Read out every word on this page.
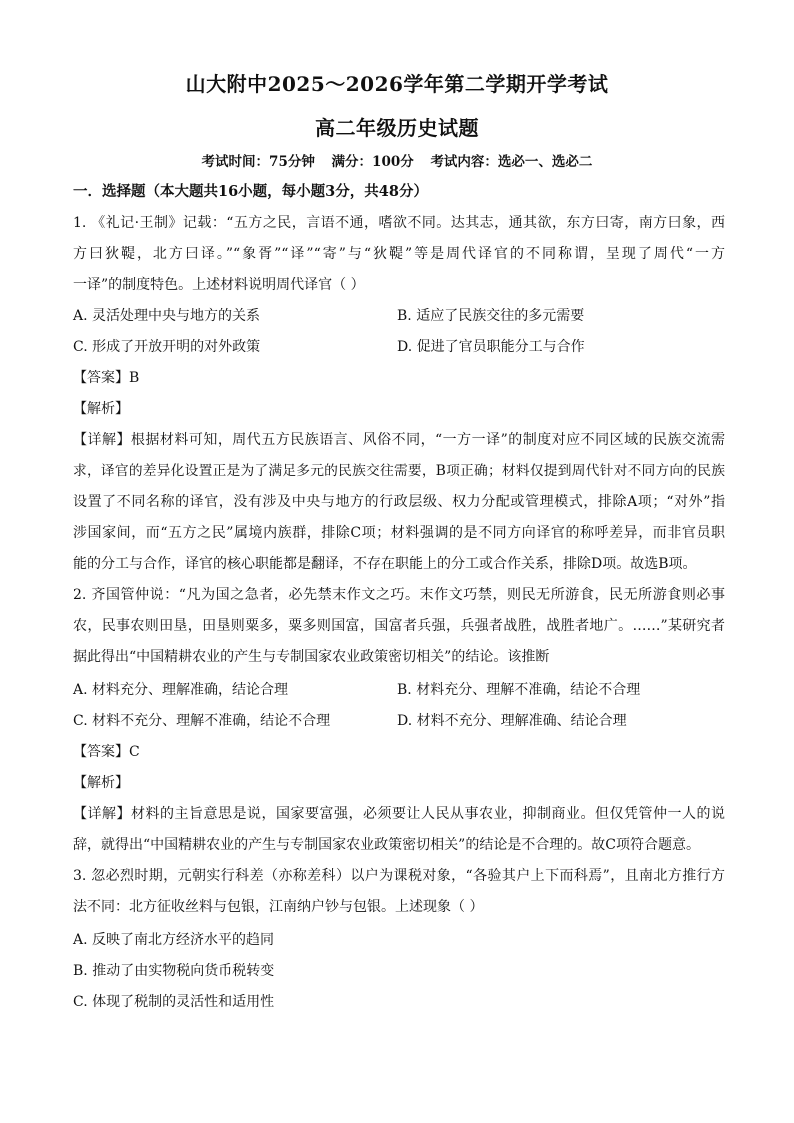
山大附中2025～2026学年第二学期开学考试
高二年级历史试题
考试时间：75分钟 满分：100分 考试内容：选必一、选必二
一．选择题（本大题共16小题，每小题3分，共48分）
1. 《礼记·王制》记载：“五方之民，言语不通，嗜欲不同。达其志，通其欲，东方曰寄，南方曰象，西
方曰狄鞮，北方曰译。”“象胥”“译”“寄”与“狄鞮”等是周代译官的不同称谓，呈现了周代“一方
一译”的制度特色。上述材料说明周代译官（ ）
A. 灵活处理中央与地方的关系	B. 适应了民族交往的多元需要
C. 形成了开放开明的对外政策	D. 促进了官员职能分工与合作
【答案】B
【解析】
【详解】根据材料可知，周代五方民族语言、风俗不同，“一方一译”的制度对应不同区域的民族交流需
求，译官的差异化设置正是为了满足多元的民族交往需要，B项正确；材料仅提到周代针对不同方向的民族
设置了不同名称的译官，没有涉及中央与地方的行政层级、权力分配或管理模式，排除A项；“对外”指
涉国家间，而“五方之民”属境内族群，排除C项；材料强调的是不同方向译官的称呼差异，而非官员职
能的分工与合作，译官的核心职能都是翻译，不存在职能上的分工或合作关系，排除D项。故选B项。
2. 齐国管仲说：“凡为国之急者，必先禁末作文之巧。末作文巧禁，则民无所游食，民无所游食则必事
农，民事农则田垦，田垦则粟多，粟多则国富，国富者兵强，兵强者战胜，战胜者地广。……”某研究者
据此得出“中国精耕农业的产生与专制国家农业政策密切相关”的结论。该推断
A. 材料充分、理解准确，结论合理	B. 材料充分、理解不准确，结论不合理
C. 材料不充分、理解不准确，结论不合理	D. 材料不充分、理解准确、结论合理
【答案】C
【解析】
【详解】材料的主旨意思是说，国家要富强，必须要让人民从事农业，抑制商业。但仅凭管仲一人的说
辞，就得出“中国精耕农业的产生与专制国家农业政策密切相关”的结论是不合理的。故C项符合题意。
3. 忽必烈时期，元朝实行科差（亦称差科）以户为课税对象，“各验其户上下而科焉”，且南北方推行方
法不同：北方征收丝料与包银，江南纳户钞与包银。上述现象（ ）
A. 反映了南北方经济水平的趋同
B. 推动了由实物税向货币税转变
C. 体现了税制的灵活性和适用性
